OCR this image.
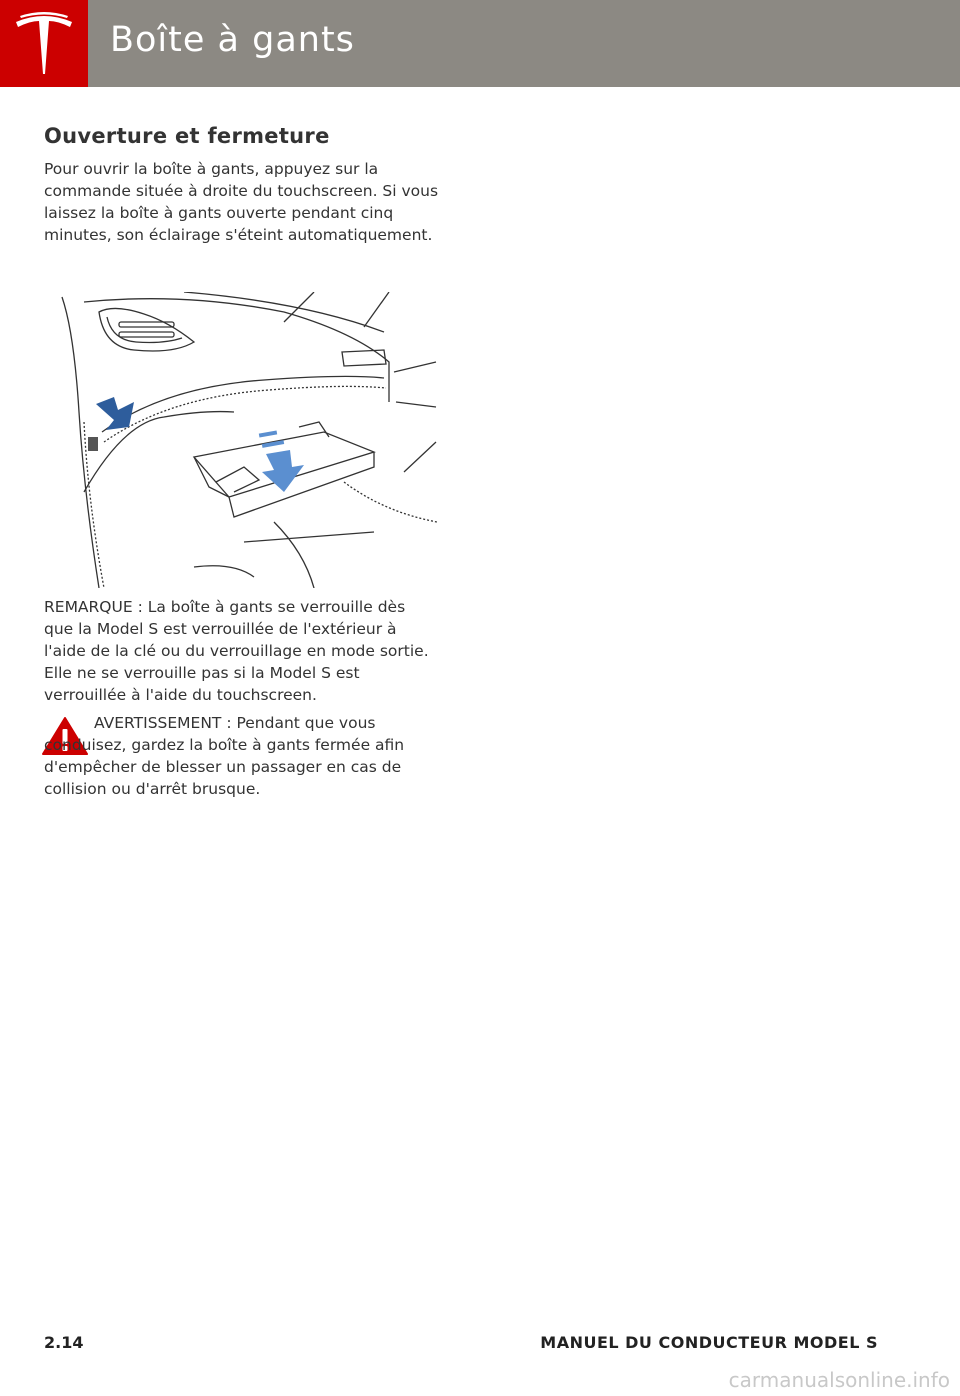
Boîte à gants
Ouverture et fermeture

Pour ouvrir la boîte à gants, appuyez sur la commande située à droite du touchscreen. Si vous laissez la boîte à gants ouverte pendant cinq minutes, son éclairage s'éteint automatiquement.

REMARQUE : La boîte à gants se verrouille dès que la Model S est verrouillée de l'extérieur à l'aide de la clé ou du verrouillage en mode sortie. Elle ne se verrouille pas si la Model S est verrouillée à l'aide du touchscreen.

AVERTISSEMENT : Pendant que vous conduisez, gardez la boîte à gants fermée afin d'empêcher de blesser un passager en cas de collision ou d'arrêt brusque.

2.14	MANUEL DU CONDUCTEUR MODEL S

carmanualsonline.info
